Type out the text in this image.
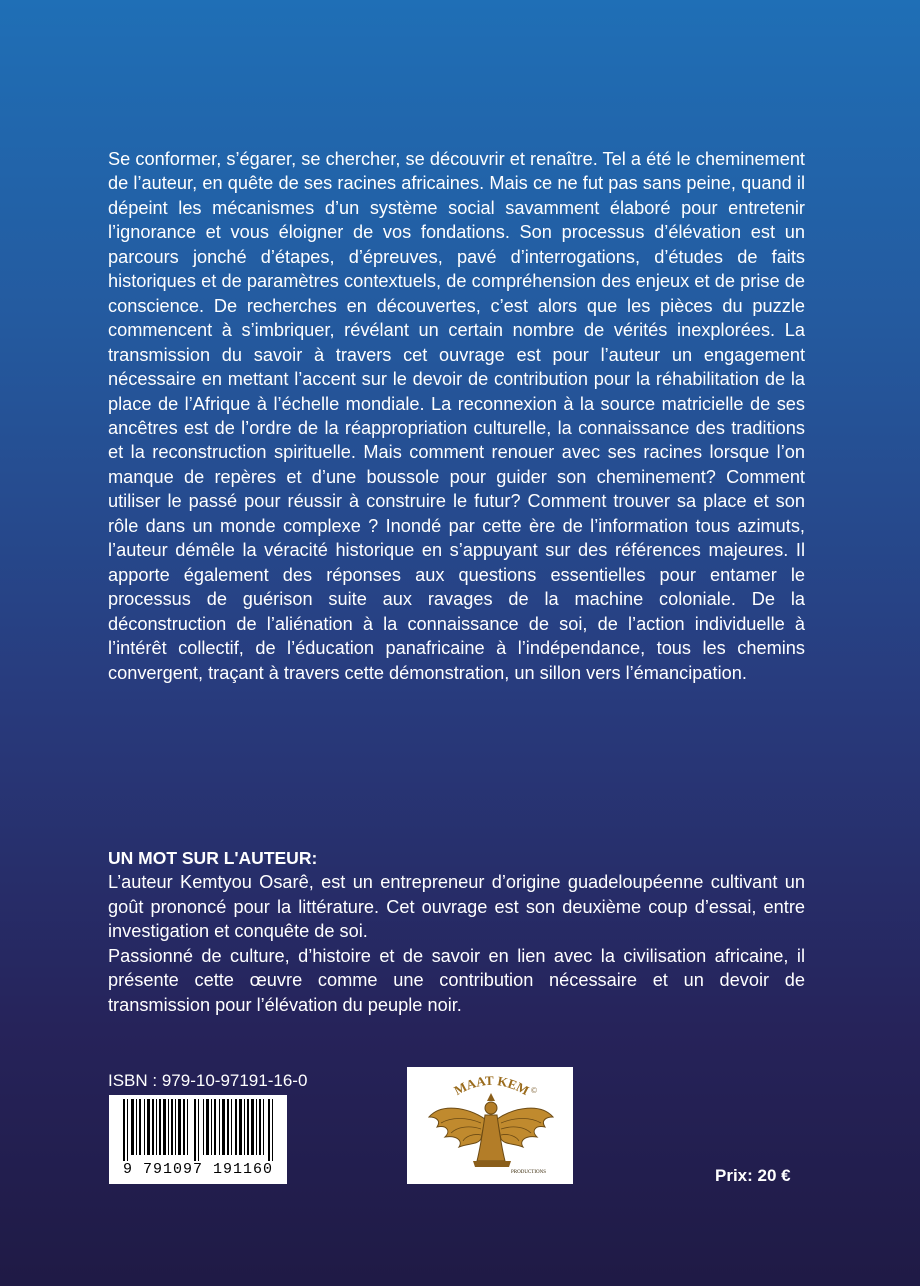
Se conformer, s’égarer, se chercher, se découvrir et renaître. Tel a été le cheminement de l’auteur, en quête de ses racines africaines. Mais ce ne fut pas sans peine, quand il dépeint les mécanismes d’un système social savamment élaboré pour entretenir l’ignorance et vous éloigner de vos fondations. Son processus d’élévation est un parcours jonché d’étapes, d’épreuves, pavé d’interrogations, d’études de faits historiques et de paramètres contextuels, de compréhension des enjeux et de prise de conscience. De recherches en découvertes, c’est alors que les pièces du puzzle commencent à s’imbriquer, révélant un certain nombre de vérités inexplorées. La transmission du savoir à travers cet ouvrage est pour l’auteur un engagement nécessaire en mettant l’accent sur le devoir de contribution pour la réhabilitation de la place de l’Afrique à l’échelle mondiale. La reconnexion à la source matricielle de ses ancêtres est de l’ordre de la réappropriation culturelle, la connaissance des traditions et la reconstruction spirituelle. Mais comment renouer avec ses racines lorsque l’on manque de repères et d’une boussole pour guider son cheminement? Comment utiliser le passé pour réussir à construire le futur? Comment trouver sa place et son rôle dans un monde complexe ? Inondé par cette ère de l’information tous azimuts, l’auteur démêle la véracité historique en s’appuyant sur des références majeures. Il apporte également des réponses aux questions essentielles pour entamer le processus de guérison suite aux ravages de la machine coloniale. De la déconstruction de l’aliénation à la connaissance de soi, de l’action individuelle à l’intérêt collectif, de l’éducation panafricaine à l’indépendance, tous les chemins convergent, traçant à travers cette démonstration, un sillon vers l’émancipation.

UN MOT SUR L'AUTEUR:

L’auteur Kemtyou Osarê, est un entrepreneur d’origine guadeloupéenne cultivant un goût prononcé pour la littérature. Cet ouvrage est son deuxième coup d’essai, entre investigation et conquête de soi.

Passionné de culture, d’histoire et de savoir en lien avec la civilisation africaine, il présente cette œuvre comme une contribution nécessaire et un devoir de transmission pour l’élévation du peuple noir.

ISBN : 979-10-97191-16-0
9 791097 191160
MAAT KEM ©
PRODUCTIONS	Prix: 20 €
